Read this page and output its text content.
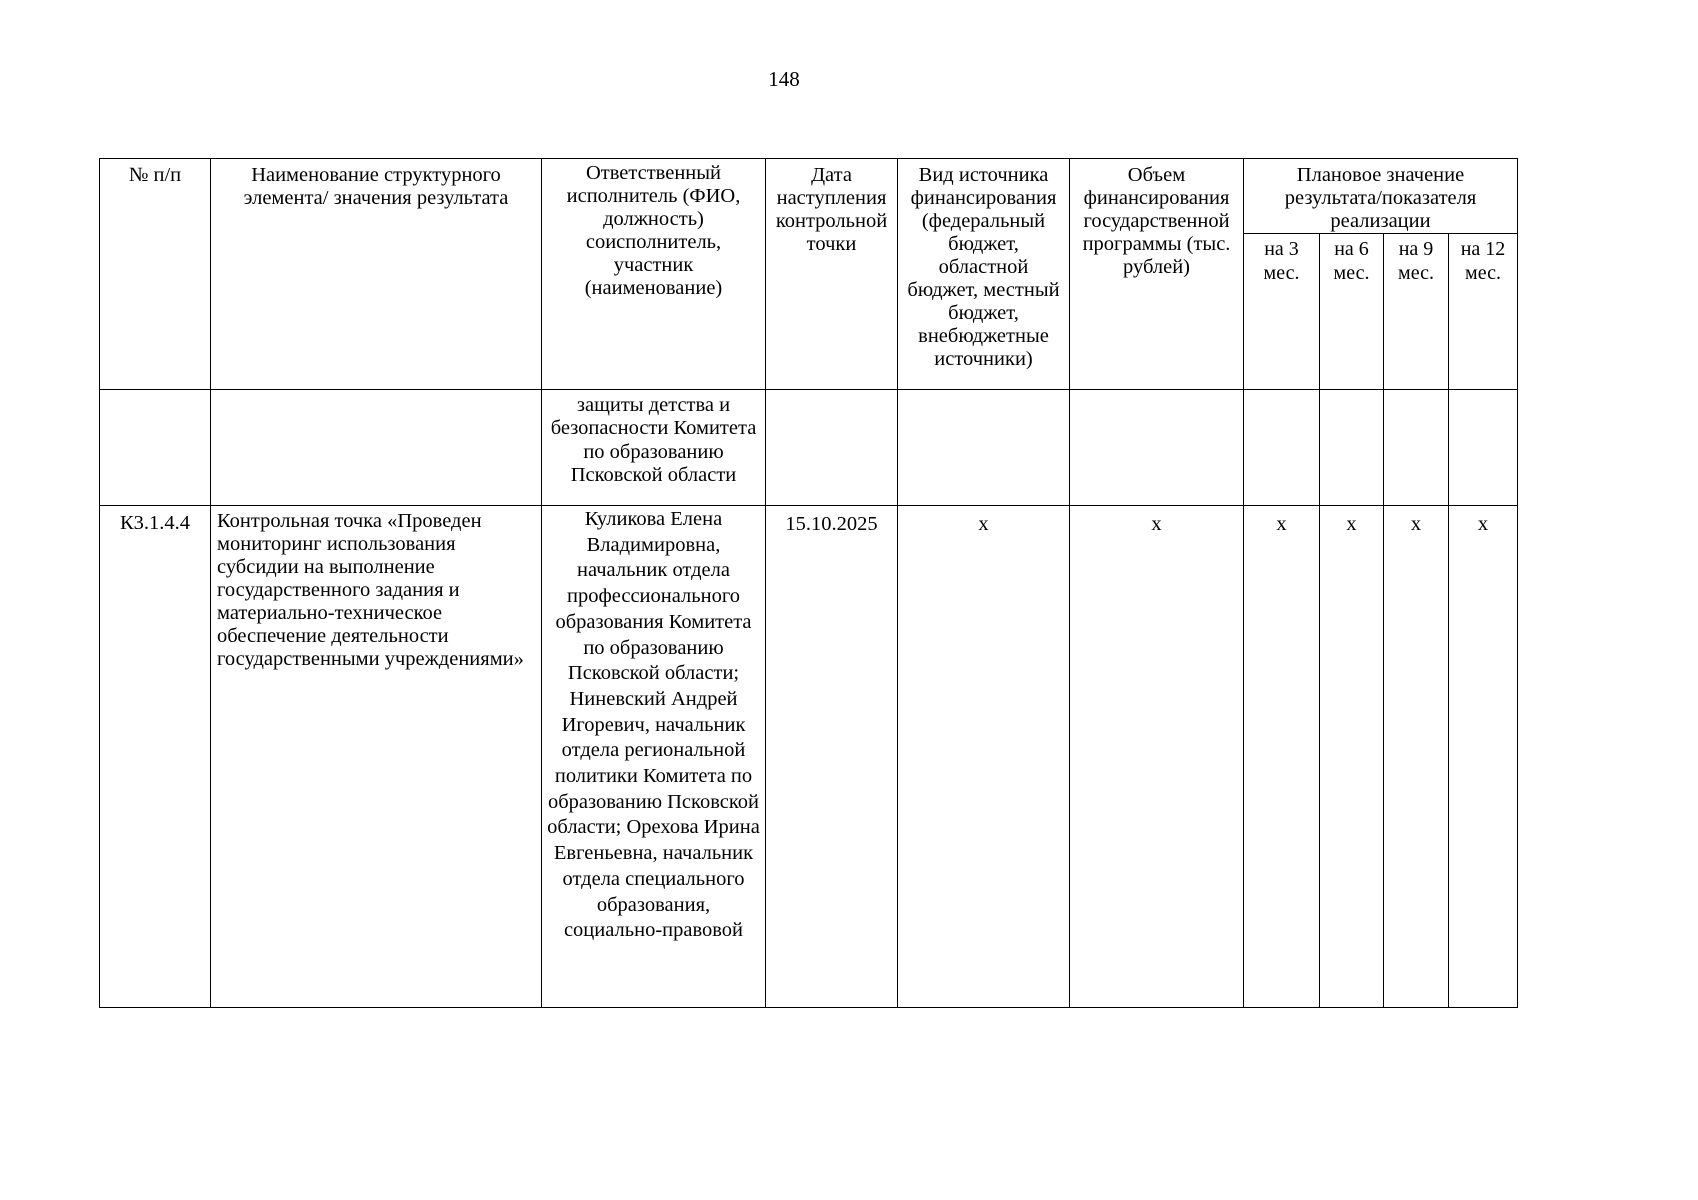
148
№ п/п	Наименование структурного элемента/ значения результата	Ответственный исполнитель (ФИО, должность) соисполнитель, участник (наименование)	Дата наступления контрольной точки	Вид источника финансирования (федеральный бюджет, областной бюджет, местный бюджет, внебюджетные источники)	Объем финансирования государственной программы (тыс. рублей)	Плановое значение результата/показателя реализации			
						на 3 мес.	на 6 мес.	на 9 мес.	на 12 мес.
		защиты детства и безопасности Комитета по образованию Псковской области							
К3.1.4.4	Контрольная точка «Проведен мониторинг использования субсидии на выполнение государственного задания и материально-техническое обеспечение деятельности государственными учреждениями»	Куликова Елена Владимировна, начальник отдела профессионального образования Комитета по образованию Псковской области; Ниневский Андрей Игоревич, начальник отдела региональной политики Комитета по образованию Псковской области; Орехова Ирина Евгеньевна, начальник отдела специального образования, социально-правовой	15.10.2025	x	x	x	x	x	x
